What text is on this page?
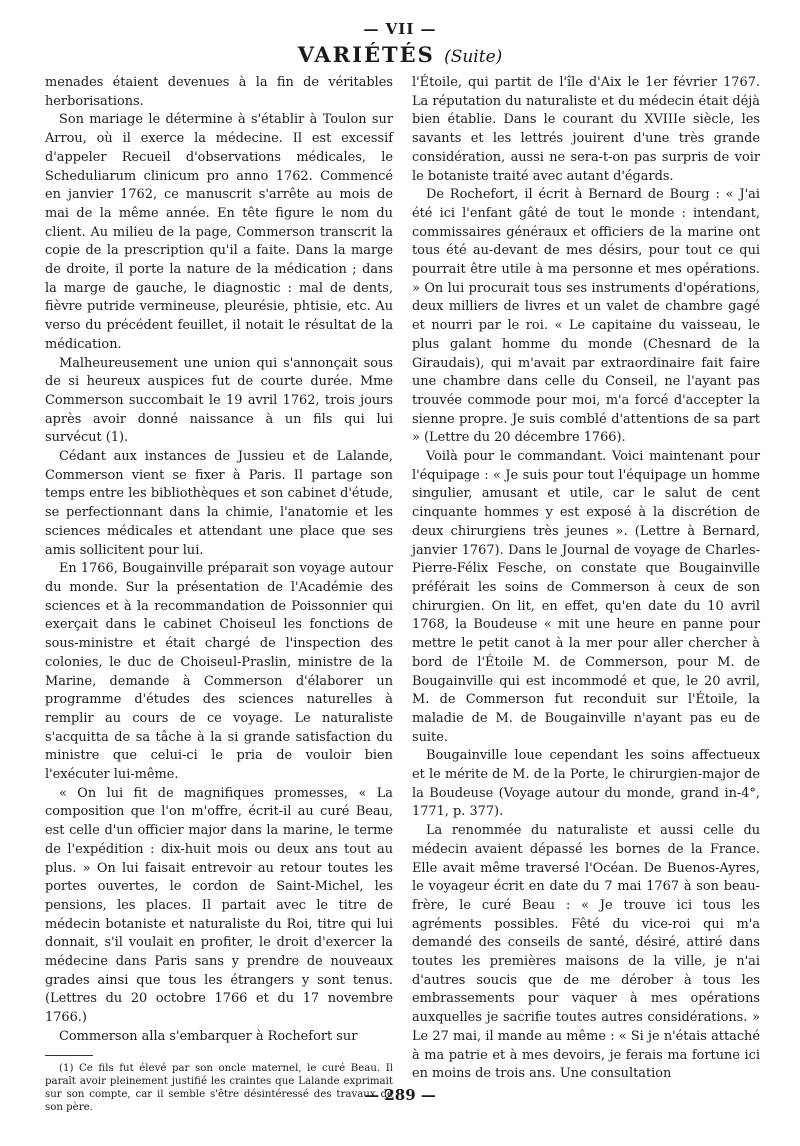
— VII —
VARIÉTÉS (Suite)

menades étaient devenues à la fin de véritables herborisations.

Son mariage le détermine à s'établir à Toulon sur Arrou, où il exerce la médecine. Il est excessif d'appeler Recueil d'observations médicales, le Scheduliarum clinicum pro anno 1762. Commencé en janvier 1762, ce manuscrit s'arrête au mois de mai de la même année. En tête figure le nom du client. Au milieu de la page, Commerson transcrit la copie de la prescription qu'il a faite. Dans la marge de droite, il porte la nature de la médication ; dans la marge de gauche, le diagnostic : mal de dents, fièvre putride vermineuse, pleurésie, phtisie, etc. Au verso du précédent feuillet, il notait le résultat de la médication.

Malheureusement une union qui s'annonçait sous de si heureux auspices fut de courte durée. Mme Commerson succombait le 19 avril 1762, trois jours après avoir donné naissance à un fils qui lui survécut (1).

Cédant aux instances de Jussieu et de Lalande, Commerson vient se fixer à Paris. Il partage son temps entre les bibliothèques et son cabinet d'étude, se perfectionnant dans la chimie, l'anatomie et les sciences médicales et attendant une place que ses amis sollicitent pour lui.

En 1766, Bougainville préparait son voyage autour du monde. Sur la présentation de l'Académie des sciences et à la recommandation de Poissonnier qui exerçait dans le cabinet Choiseul les fonctions de sous-ministre et était chargé de l'inspection des colonies, le duc de Choiseul-Praslin, ministre de la Marine, demande à Commerson d'élaborer un programme d'études des sciences naturelles à remplir au cours de ce voyage. Le naturaliste s'acquitta de sa tâche à la si grande satisfaction du ministre que celui-ci le pria de vouloir bien l'exécuter lui-même.

« On lui fit de magnifiques promesses, « La composition que l'on m'offre, écrit-il au curé Beau, est celle d'un officier major dans la marine, le terme de l'expédition : dix-huit mois ou deux ans tout au plus. » On lui faisait entrevoir au retour toutes les portes ouvertes, le cordon de Saint-Michel, les pensions, les places. Il partait avec le titre de médecin botaniste et naturaliste du Roi, titre qui lui donnait, s'il voulait en profiter, le droit d'exercer la médecine dans Paris sans y prendre de nouveaux grades ainsi que tous les étrangers y sont tenus. (Lettres du 20 octobre 1766 et du 17 novembre 1766.)

Commerson alla s'embarquer à Rochefort sur

(1) Ce fils fut élevé par son oncle maternel, le curé Beau. Il paraît avoir pleinement justifié les craintes que Lalande exprimait sur son compte, car il semble s'être désintéressé des travaux de son père.

l'Étoile, qui partit de l'île d'Aix le 1er février 1767. La réputation du naturaliste et du médecin était déjà bien établie. Dans le courant du XVIIIe siècle, les savants et les lettrés jouirent d'une très grande considération, aussi ne sera-t-on pas surpris de voir le botaniste traité avec autant d'égards.

De Rochefort, il écrit à Bernard de Bourg : « J'ai été ici l'enfant gâté de tout le monde : intendant, commissaires généraux et officiers de la marine ont tous été au-devant de mes désirs, pour tout ce qui pourrait être utile à ma personne et mes opérations. » On lui procurait tous ses instruments d'opérations, deux milliers de livres et un valet de chambre gagé et nourri par le roi. « Le capitaine du vaisseau, le plus galant homme du monde (Chesnard de la Giraudais), qui m'avait par extraordinaire fait faire une chambre dans celle du Conseil, ne l'ayant pas trouvée commode pour moi, m'a forcé d'accepter la sienne propre. Je suis comblé d'attentions de sa part » (Lettre du 20 décembre 1766).

Voilà pour le commandant. Voici maintenant pour l'équipage : « Je suis pour tout l'équipage un homme singulier, amusant et utile, car le salut de cent cinquante hommes y est exposé à la discrétion de deux chirurgiens très jeunes ». (Lettre à Bernard, janvier 1767). Dans le Journal de voyage de Charles-Pierre-Félix Fesche, on constate que Bougainville préférait les soins de Commerson à ceux de son chirurgien. On lit, en effet, qu'en date du 10 avril 1768, la Boudeuse « mit une heure en panne pour mettre le petit canot à la mer pour aller chercher à bord de l'Étoile M. de Commerson, pour M. de Bougainville qui est incommodé et que, le 20 avril, M. de Commerson fut reconduit sur l'Étoile, la maladie de M. de Bougainville n'ayant pas eu de suite.

Bougainville loue cependant les soins affectueux et le mérite de M. de la Porte, le chirurgien-major de la Boudeuse (Voyage autour du monde, grand in-4°, 1771, p. 377).

La renommée du naturaliste et aussi celle du médecin avaient dépassé les bornes de la France. Elle avait même traversé l'Océan. De Buenos-Ayres, le voyageur écrit en date du 7 mai 1767 à son beau-frère, le curé Beau : « Je trouve ici tous les agréments possibles. Fêté du vice-roi qui m'a demandé des conseils de santé, désiré, attiré dans toutes les premières maisons de la ville, je n'ai d'autres soucis que de me dérober à tous les embrassements pour vaquer à mes opérations auxquelles je sacrifie toutes autres considérations. » Le 27 mai, il mande au même : « Si je n'étais attaché à ma patrie et à mes devoirs, je ferais ma fortune ici en moins de trois ans. Une consultation

— 289 —
